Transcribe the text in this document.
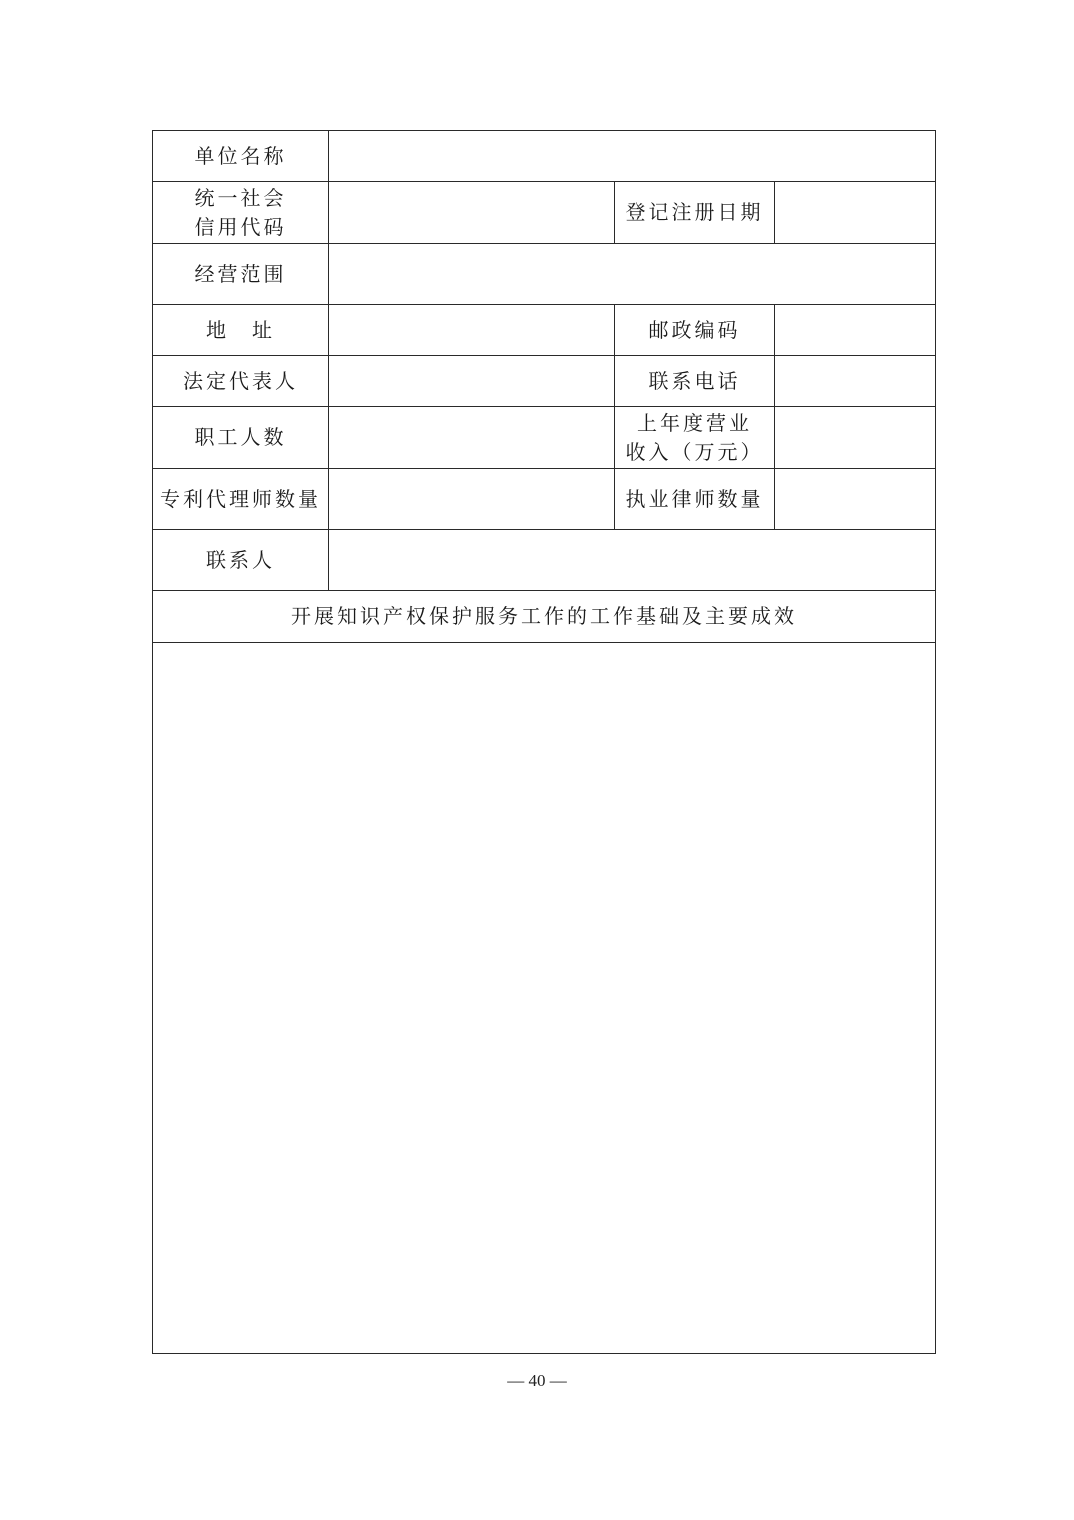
单位名称			
统一社会
信用代码		登记注册日期	
经营范围			
地　址		邮政编码	
法定代表人		联系电话	
职工人数		上年度营业
收入（万元）	
专利代理师数量		执业律师数量	
联系人			
开展知识产权保护服务工作的工作基础及主要成效			

— 40 —
